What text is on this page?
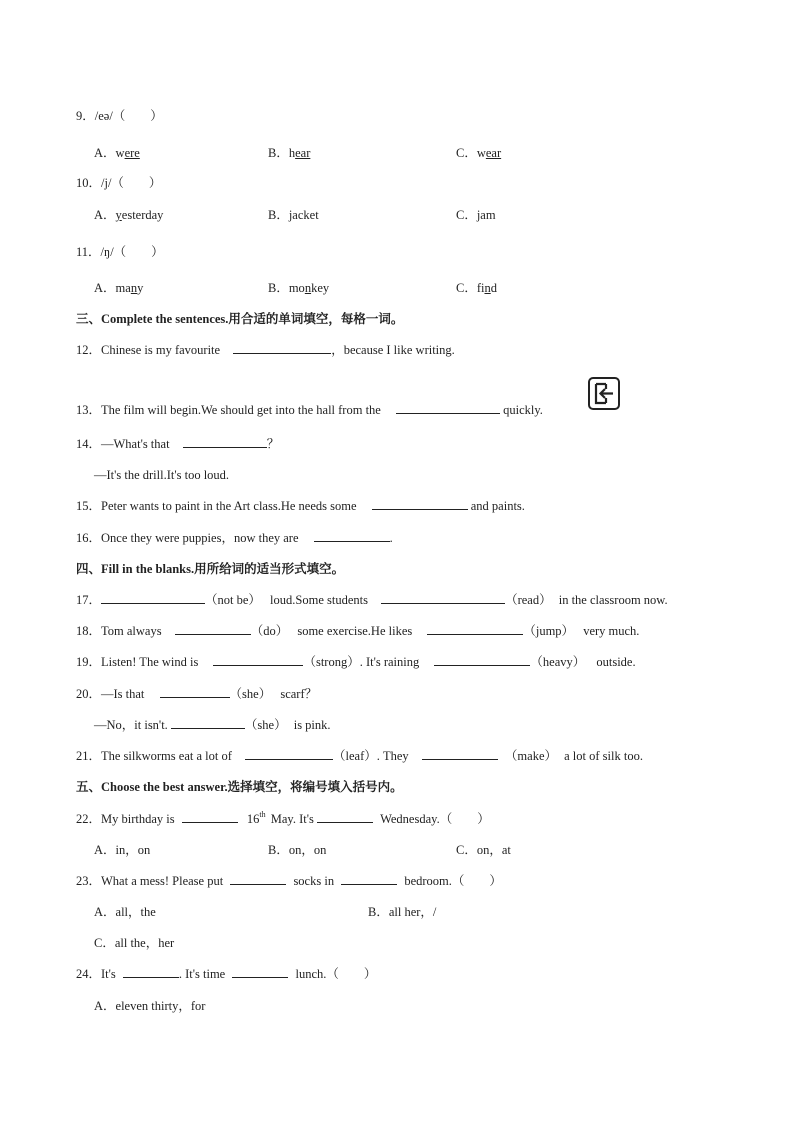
9．/eə/（　　）
A．were	B．hear	C．wear
10．/j/（　　）
A．yesterday	B．jacket	C．jam
11．/ŋ/（　　）
A．many	B．monkey	C．find
三、Complete the sentences.用合适的单词填空，每格一词。
12．Chinese is my favourite	，because I like writing.
13．The film will begin.We should get into the hall from the	quickly.
14．—What's that	？
—It's the drill.It's too loud.
15．Peter wants to paint in the Art class.He needs some	and paints.
16．Once they were puppies，now they are	.
四、Fill in the blanks.用所给词的适当形式填空。
17．	（not be） loud.Some students	（read） in the classroom now.
18．Tom always	（do） some exercise.He likes	（jump） very much.
19．Listen! The wind is	（strong）. It's raining	（heavy） outside.
20．—Is that	（she） scarf？
—No，it isn't.	（she） is pink.
21．The silkworms eat a lot of	（leaf）. They	（make） a lot of silk too.
五、Choose the best answer.选择填空，将编号填入括号内。
22．My birthday is	16th May. It's	Wednesday.（　　）
A．in，on	B．on，on	C．on，at
23．What a mess! Please put	socks in	bedroom.（　　）
A．all，the	B．all her，/
C．all the，her
24．It's	. It's time	lunch.（　　）
A．eleven thirty，for
